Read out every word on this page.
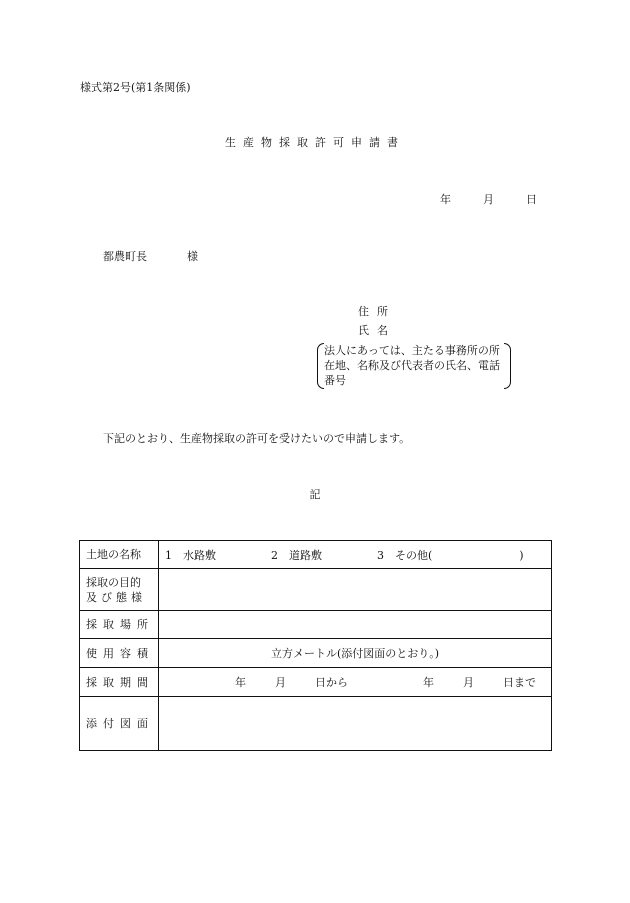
様式第2号(第1条関係)
生産物採取許可申請書
年	月	日
都農町長	様
住所
氏名
法人にあっては、主たる事務所の所在地、名称及び代表者の氏名、電話番号
下記のとおり、生産物採取の許可を受けたいので申請します。
記
土地の名称	1　水路敷 2　道路敷 3　その他( )

採取の目的
及び態様	

採取場所	
使用容積	立方メートル(添付図面のとおり。)
採取期間	年 月 日から 年 月 日まで
添付図面	
